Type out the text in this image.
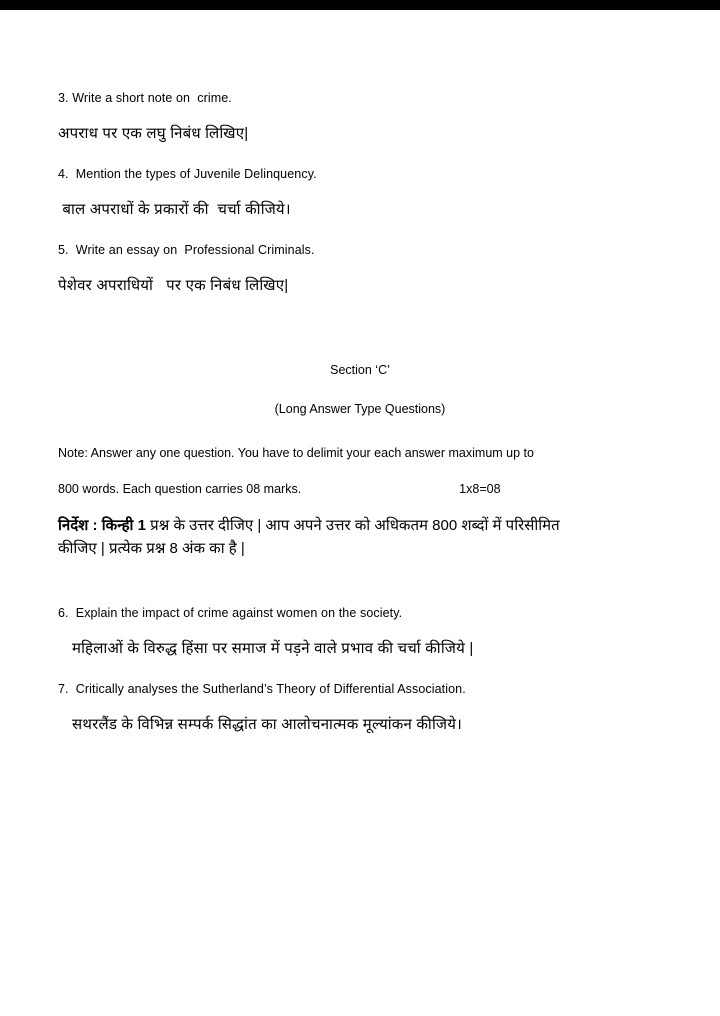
3. Write a short note on  crime.

अपराध पर एक लघु निबंध लिखिए|

4.  Mention the types of Juvenile Delinquency.

बाल अपराधों के प्रकारों की  चर्चा कीजिये।

5.  Write an essay on  Professional Criminals.

पेशेवर अपराधियों   पर एक निबंध लिखिए|

Section ‘C’

(Long Answer Type Questions)

Note: Answer any one question. You have to delimit your each answer maximum up to

800 words. Each question carries 08 marks.	1x8=08
निर्देश : किन्ही 1 प्रश्न के उत्तर दीजिए | आप अपने उत्तर को अधिकतम 800 शब्दों में परिसीमित
कीजिए | प्रत्येक प्रश्न 8 अंक का है |

6.  Explain the impact of crime against women on the society.

महिलाओं के विरुद्ध हिंसा पर समाज में पड़ने वाले प्रभाव की चर्चा कीजिये |

7.  Critically analyses the Sutherland’s Theory of Differential Association.

सथरलैंड के विभिन्न सम्पर्क सिद्धांत का आलोचनात्मक मूल्यांकन कीजिये।
